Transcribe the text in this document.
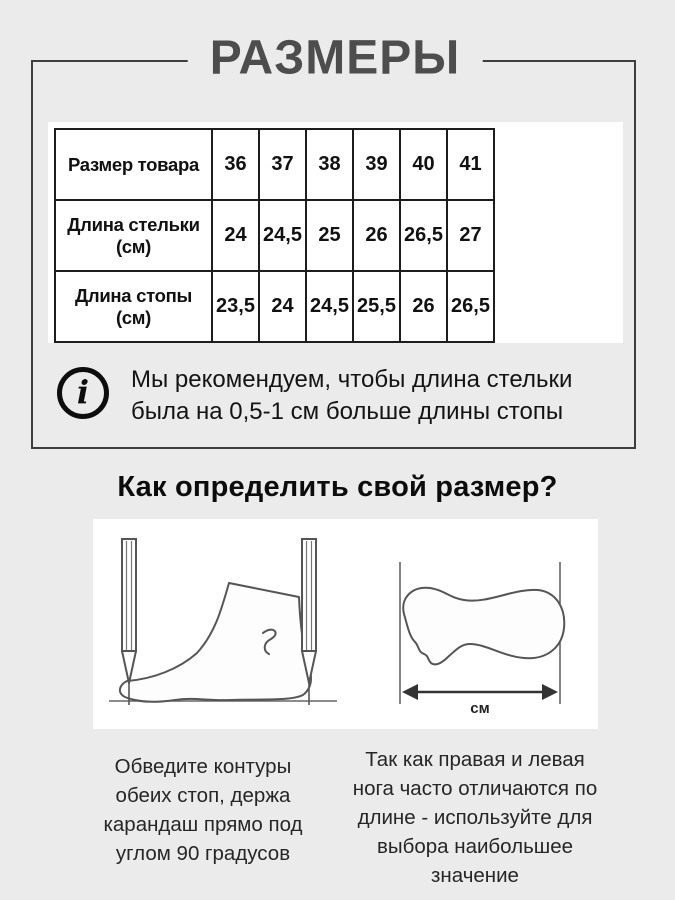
РАЗМЕРЫ
Размер товара	36	37	38	39	40	41
Длина стельки (см)	24	24,5	25	26	26,5	27
Длина стопы (см)	23,5	24	24,5	25,5	26	26,5
i	Мы рекомендуем, чтобы длина стельки
была на 0,5-1 см больше длины стопы
Как определить свой размер?
см
Обведите контуры
обеих стоп, держа
карандаш прямо под
углом 90 градусов
Так как правая и левая
нога часто отличаются по
длине - используйте для
выбора наибольшее
значение
